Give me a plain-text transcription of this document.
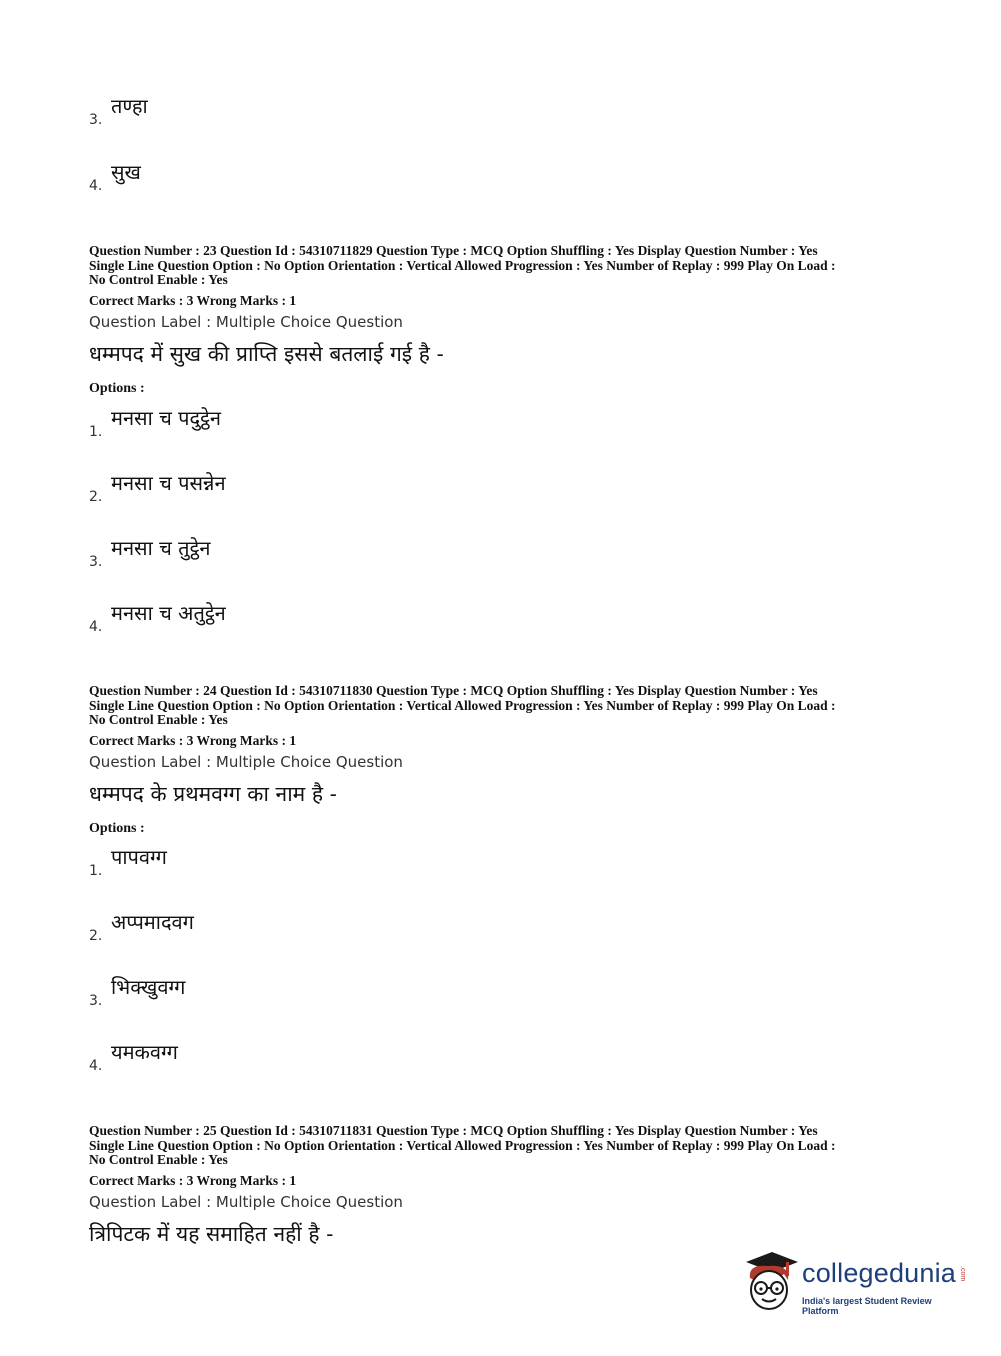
तण्हा
3.
सुख
4.
Question Number : 23 Question Id : 54310711829 Question Type : MCQ Option Shuffling : Yes Display Question Number : Yes
Single Line Question Option : No Option Orientation : Vertical Allowed Progression : Yes Number of Replay : 999 Play On Load :
No Control Enable : Yes
Correct Marks : 3 Wrong Marks : 1
Question Label : Multiple Choice Question
धम्मपद में सुख की प्राप्ति इससे बतलाई गई है -
Options :
मनसा च पदुट्ठेन
1.
मनसा च पसन्नेन
2.
मनसा च तुट्ठेन
3.
मनसा च अतुट्ठेन
4.
Question Number : 24 Question Id : 54310711830 Question Type : MCQ Option Shuffling : Yes Display Question Number : Yes
Single Line Question Option : No Option Orientation : Vertical Allowed Progression : Yes Number of Replay : 999 Play On Load :
No Control Enable : Yes
Correct Marks : 3 Wrong Marks : 1
Question Label : Multiple Choice Question
धम्मपद के प्रथमवग्ग का नाम है -
Options :
पापवग्ग
1.
अप्पमादवग
2.
भिक्खुवग्ग
3.
यमकवग्ग
4.
Question Number : 25 Question Id : 54310711831 Question Type : MCQ Option Shuffling : Yes Display Question Number : Yes
Single Line Question Option : No Option Orientation : Vertical Allowed Progression : Yes Number of Replay : 999 Play On Load :
No Control Enable : Yes
Correct Marks : 3 Wrong Marks : 1
Question Label : Multiple Choice Question
त्रिपिटक में यह समाहित नहीं है -
collegedunia .com
India's largest Student Review Platform
